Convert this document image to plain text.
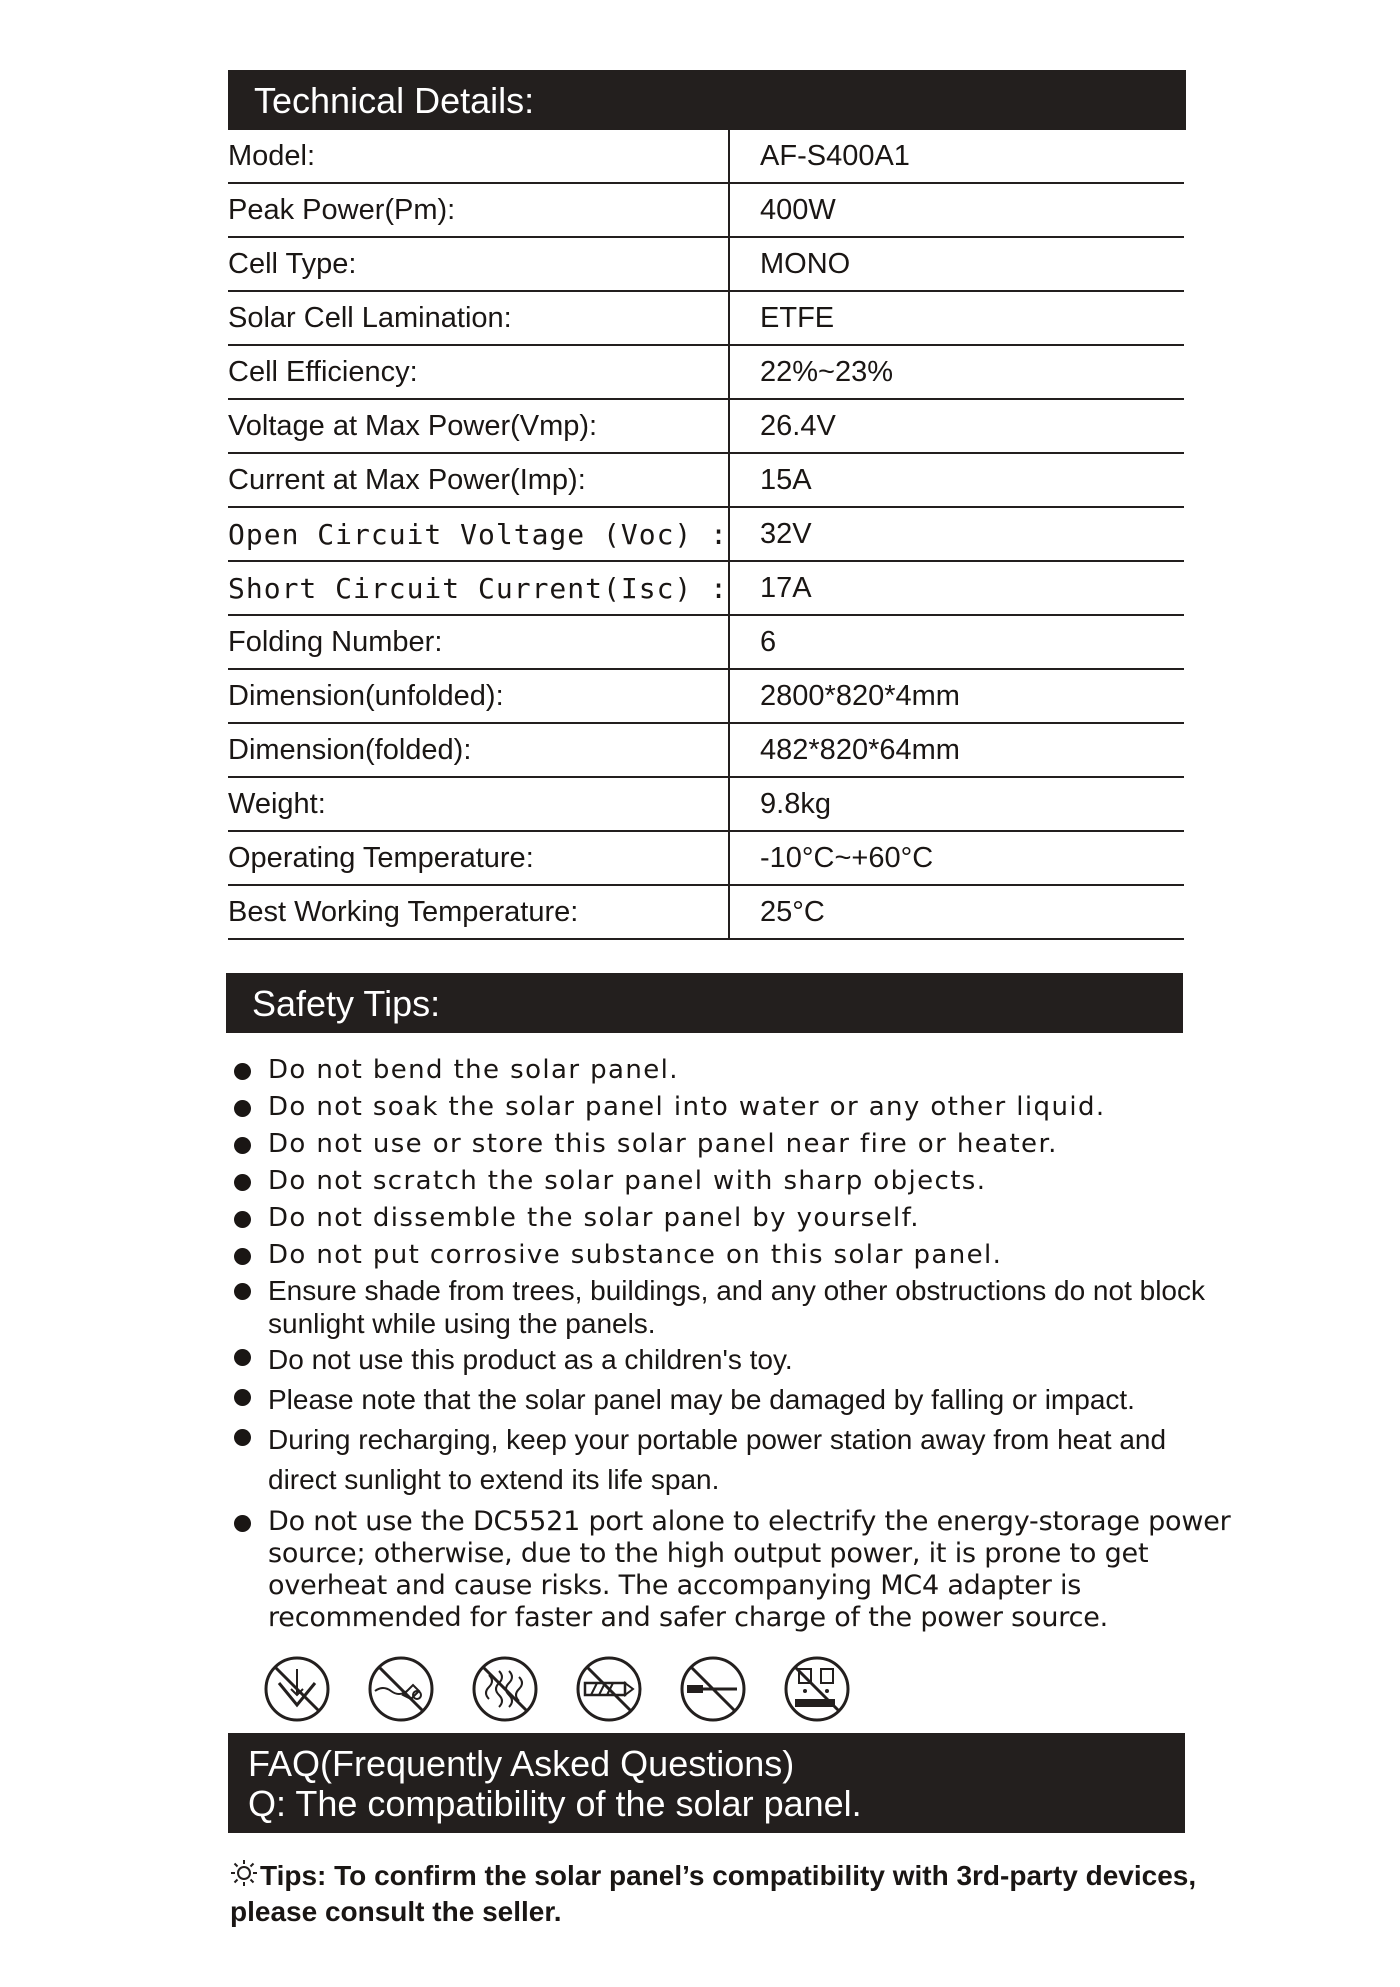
Technical Details:
Model:	AF-S400A1
Peak Power(Pm):	400W
Cell Type:	MONO
Solar Cell Lamination:	ETFE
Cell Efficiency:	22%~23%
Voltage at Max Power(Vmp):	26.4V
Current at Max Power(Imp):	15A
Open Circuit Voltage (Voc) :	32V
Short Circuit Current(Isc) :	17A
Folding Number:	6
Dimension(unfolded):	2800*820*4mm
Dimension(folded):	482*820*64mm
Weight:	9.8kg
Operating Temperature:	-10°C~+60°C
Best Working Temperature:	25°C
Safety Tips:
Do not bend the solar panel.
Do not soak the solar panel into water or any other liquid.
Do not use or store this solar panel near fire or heater.
Do not scratch the solar panel with sharp objects.
Do not dissemble the solar panel by yourself.
Do not put corrosive substance on this solar panel.
Ensure shade from trees, buildings, and any other obstructions do not block sunlight while using the panels.
Do not use this product as a children's toy.
Please note that the solar panel may be damaged by falling or impact.
During recharging, keep your portable power station away from heat and direct sunlight to extend its life span.
Do not use the DC5521 port alone to electrify the energy-storage power source; otherwise, due to the high output power, it is prone to get overheat and cause risks. The accompanying MC4 adapter is recommended for faster and safer charge of the power source.
FAQ(Frequently Asked Questions)
Q: The compatibility of the solar panel.
Tips: To confirm the solar panel’s compatibility with 3rd-party devices, please consult the seller.
